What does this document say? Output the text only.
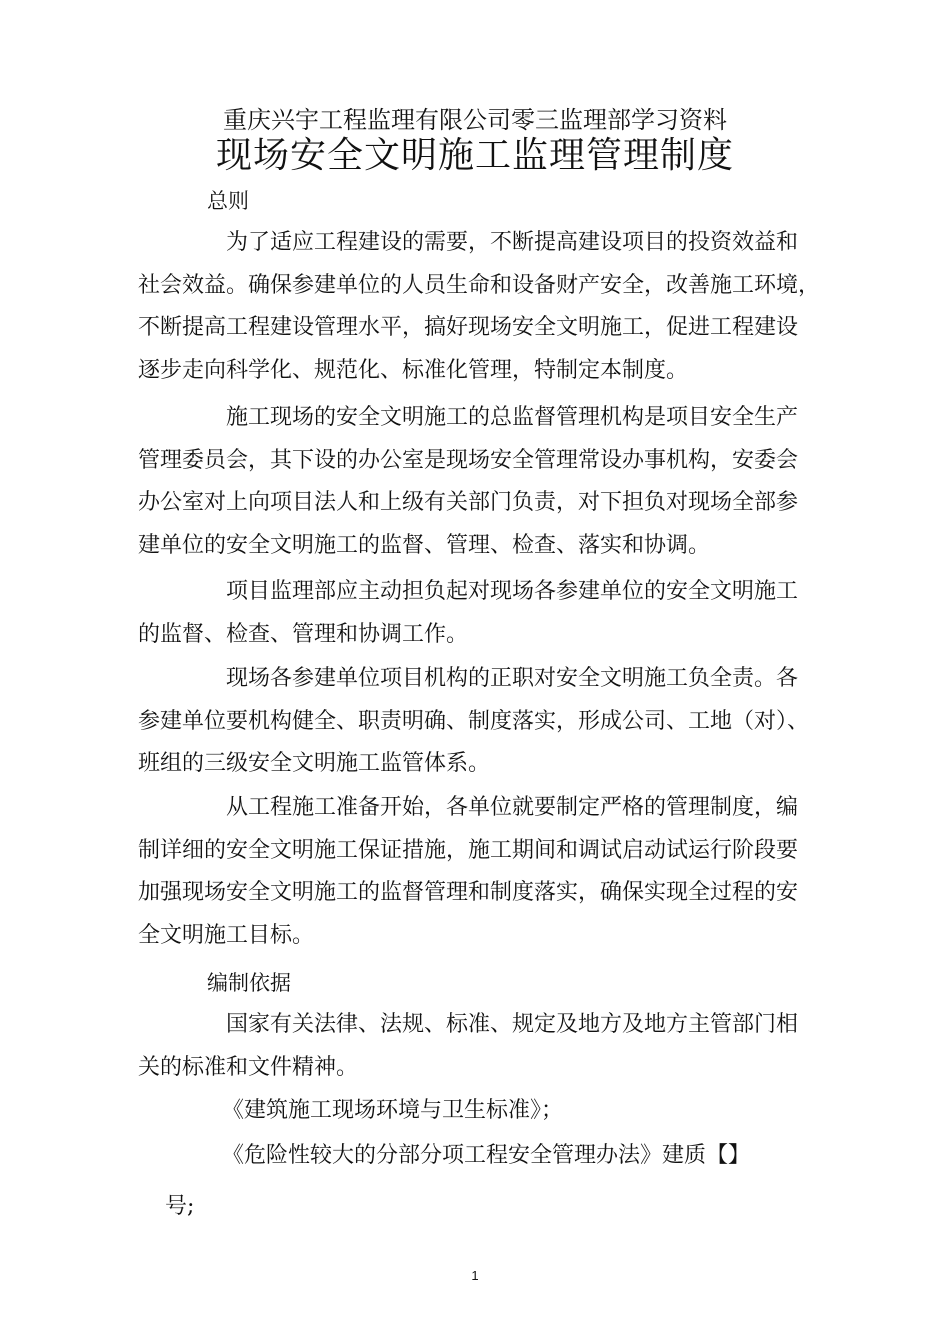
重庆兴宇工程监理有限公司零三监理部学习资料
现场安全文明施工监理管理制度
总则
为了适应工程建设的需要，不断提高建设项目的投资效益和
社会效益。确保参建单位的人员生命和设备财产安全，改善施工环境，
不断提高工程建设管理水平，搞好现场安全文明施工，促进工程建设
逐步走向科学化、规范化、标准化管理，特制定本制度。
施工现场的安全文明施工的总监督管理机构是项目安全生产
管理委员会，其下设的办公室是现场安全管理常设办事机构，安委会
办公室对上向项目法人和上级有关部门负责，对下担负对现场全部参
建单位的安全文明施工的监督、管理、检查、落实和协调。
项目监理部应主动担负起对现场各参建单位的安全文明施工
的监督、检查、管理和协调工作。
现场各参建单位项目机构的正职对安全文明施工负全责。各
参建单位要机构健全、职责明确、制度落实，形成公司、工地（对）、
班组的三级安全文明施工监管体系。
从工程施工准备开始，各单位就要制定严格的管理制度，编
制详细的安全文明施工保证措施，施工期间和调试启动试运行阶段要
加强现场安全文明施工的监督管理和制度落实，确保实现全过程的安
全文明施工目标。
编制依据
国家有关法律、法规、标准、规定及地方及地方主管部门相
关的标准和文件精神。
《建筑施工现场环境与卫生标准》；
《危险性较大的分部分项工程安全管理办法》建质【】
号;
1
